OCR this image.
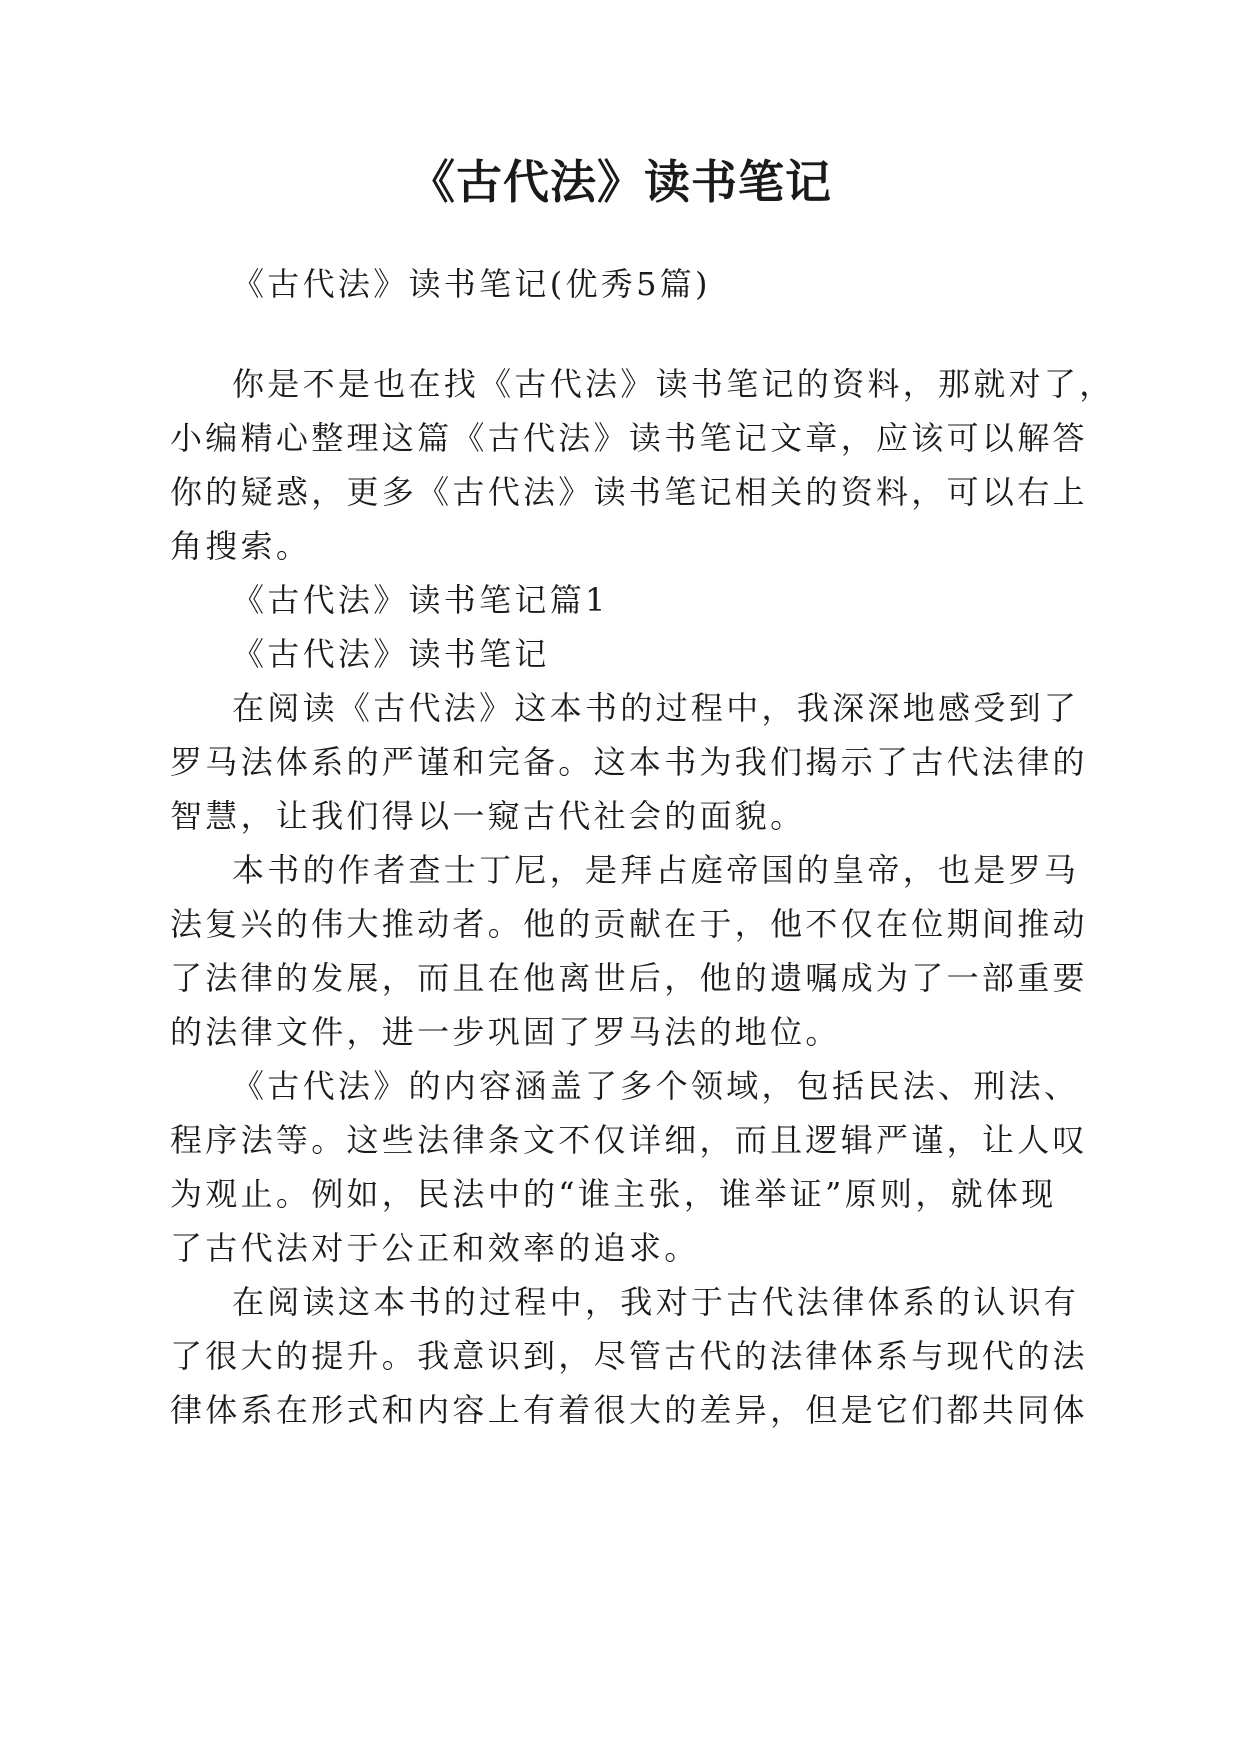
《古代法》读书笔记

《古代法》读书笔记(优秀5篇)

你是不是也在找《古代法》读书笔记的资料，那就对了，

小编精心整理这篇《古代法》读书笔记文章，应该可以解答

你的疑惑，更多《古代法》读书笔记相关的资料，可以右上

角搜索。

《古代法》读书笔记篇1

《古代法》读书笔记

在阅读《古代法》这本书的过程中，我深深地感受到了

罗马法体系的严谨和完备。这本书为我们揭示了古代法律的

智慧，让我们得以一窥古代社会的面貌。

本书的作者查士丁尼，是拜占庭帝国的皇帝，也是罗马

法复兴的伟大推动者。他的贡献在于，他不仅在位期间推动

了法律的发展，而且在他离世后，他的遗嘱成为了一部重要

的法律文件，进一步巩固了罗马法的地位。

《古代法》的内容涵盖了多个领域，包括民法、刑法、

程序法等。这些法律条文不仅详细，而且逻辑严谨，让人叹

为观止。例如，民法中的“谁主张，谁举证”原则，就体现

了古代法对于公正和效率的追求。

在阅读这本书的过程中，我对于古代法律体系的认识有

了很大的提升。我意识到，尽管古代的法律体系与现代的法

律体系在形式和内容上有着很大的差异，但是它们都共同体
